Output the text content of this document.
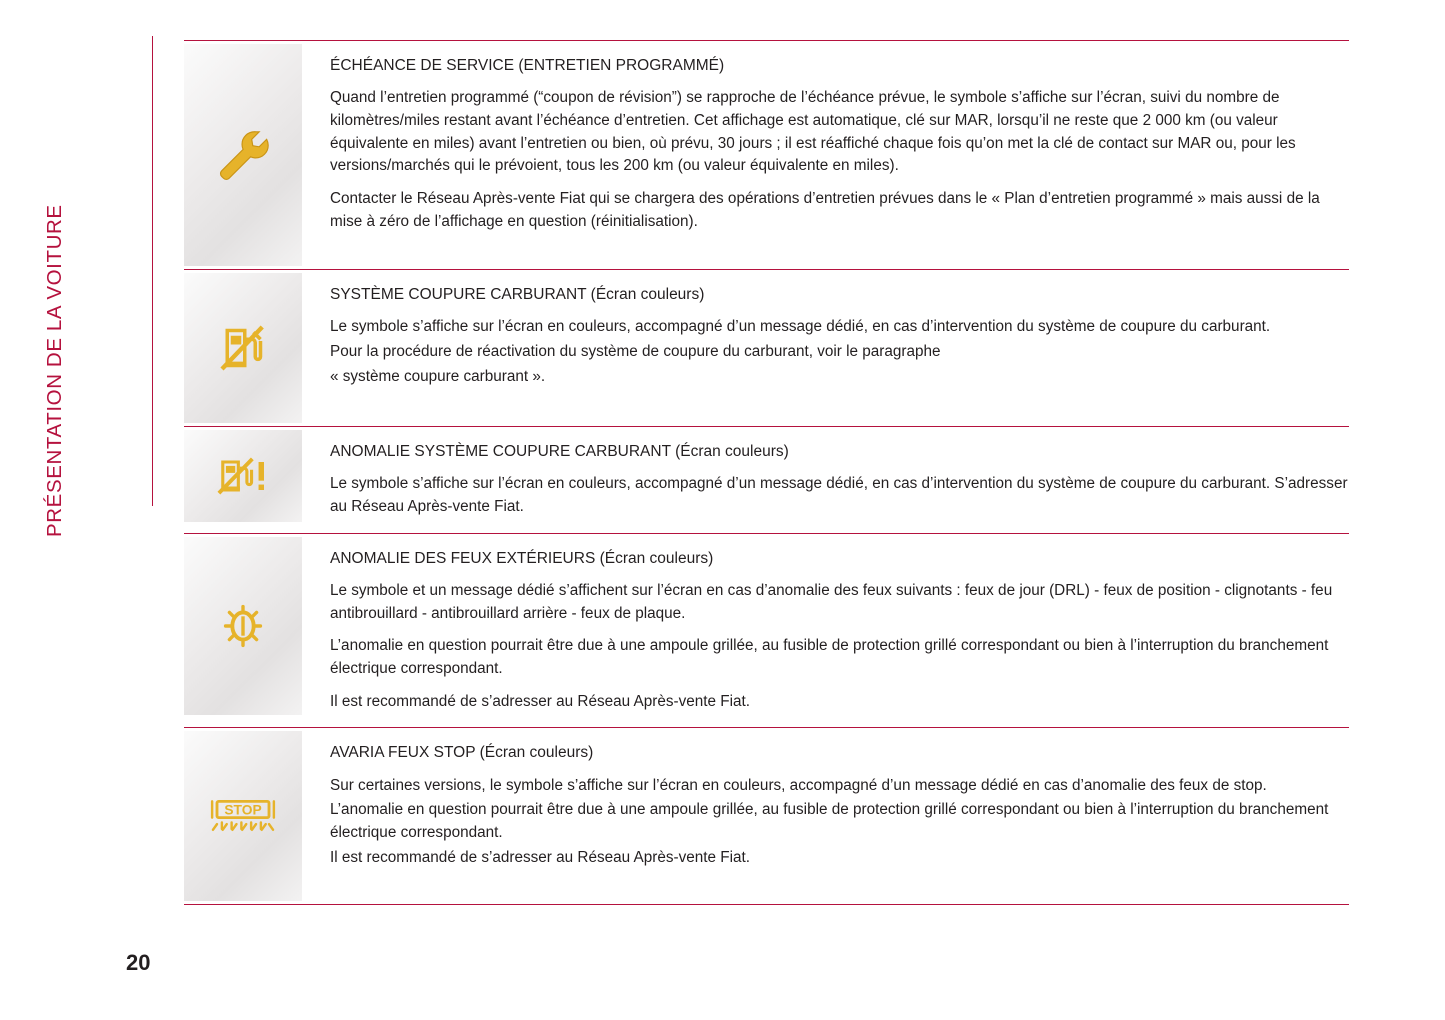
PRÉSENTATION DE LA VOITURE
20
ÉCHÉANCE DE SERVICE (ENTRETIEN PROGRAMMÉ)

Quand l’entretien programmé (“coupon de révision”) se rapproche de l’échéance prévue, le symbole s’affiche sur l’écran, suivi du nombre de kilomètres/miles restant avant l’échéance d’entretien. Cet affichage est automatique, clé sur MAR, lorsqu’il ne reste que 2 000 km (ou valeur équivalente en miles) avant l’entretien ou bien, où prévu, 30 jours ; il est réaffiché chaque fois qu’on met la clé de contact sur MAR ou, pour les versions/marchés qui le prévoient, tous les 200 km (ou valeur équivalente en miles).

Contacter le Réseau Après-vente Fiat qui se chargera des opérations d’entretien prévues dans le « Plan d’entretien programmé » mais aussi de la mise à zéro de l’affichage en question (réinitialisation).

SYSTÈME COUPURE CARBURANT (Écran couleurs)

Le symbole s’affiche sur l’écran en couleurs, accompagné d’un message dédié, en cas d’intervention du système de coupure du carburant.

Pour la procédure de réactivation du système de coupure du carburant, voir le paragraphe

« système coupure carburant ».

ANOMALIE SYSTÈME COUPURE CARBURANT (Écran couleurs)

Le symbole s’affiche sur l’écran en couleurs, accompagné d’un message dédié, en cas d’intervention du système de coupure du carburant. S’adresser au Réseau Après-vente Fiat.

ANOMALIE DES FEUX EXTÉRIEURS (Écran couleurs)

Le symbole et un message dédié s’affichent sur l’écran en cas d’anomalie des feux suivants : feux de jour (DRL) - feux de position - clignotants - feu antibrouillard - antibrouillard arrière - feux de plaque.

L’anomalie en question pourrait être due à une ampoule grillée, au fusible de protection grillé correspondant ou bien à l’interruption du branchement électrique correspondant.

Il est recommandé de s’adresser au Réseau Après-vente Fiat.

STOP
AVARIA FEUX STOP (Écran couleurs)

Sur certaines versions, le symbole s’affiche sur l’écran en couleurs, accompagné d’un message dédié en cas d’anomalie des feux de stop.

L’anomalie en question pourrait être due à une ampoule grillée, au fusible de protection grillé correspondant ou bien à l’interruption du branchement électrique correspondant.

Il est recommandé de s’adresser au Réseau Après-vente Fiat.
